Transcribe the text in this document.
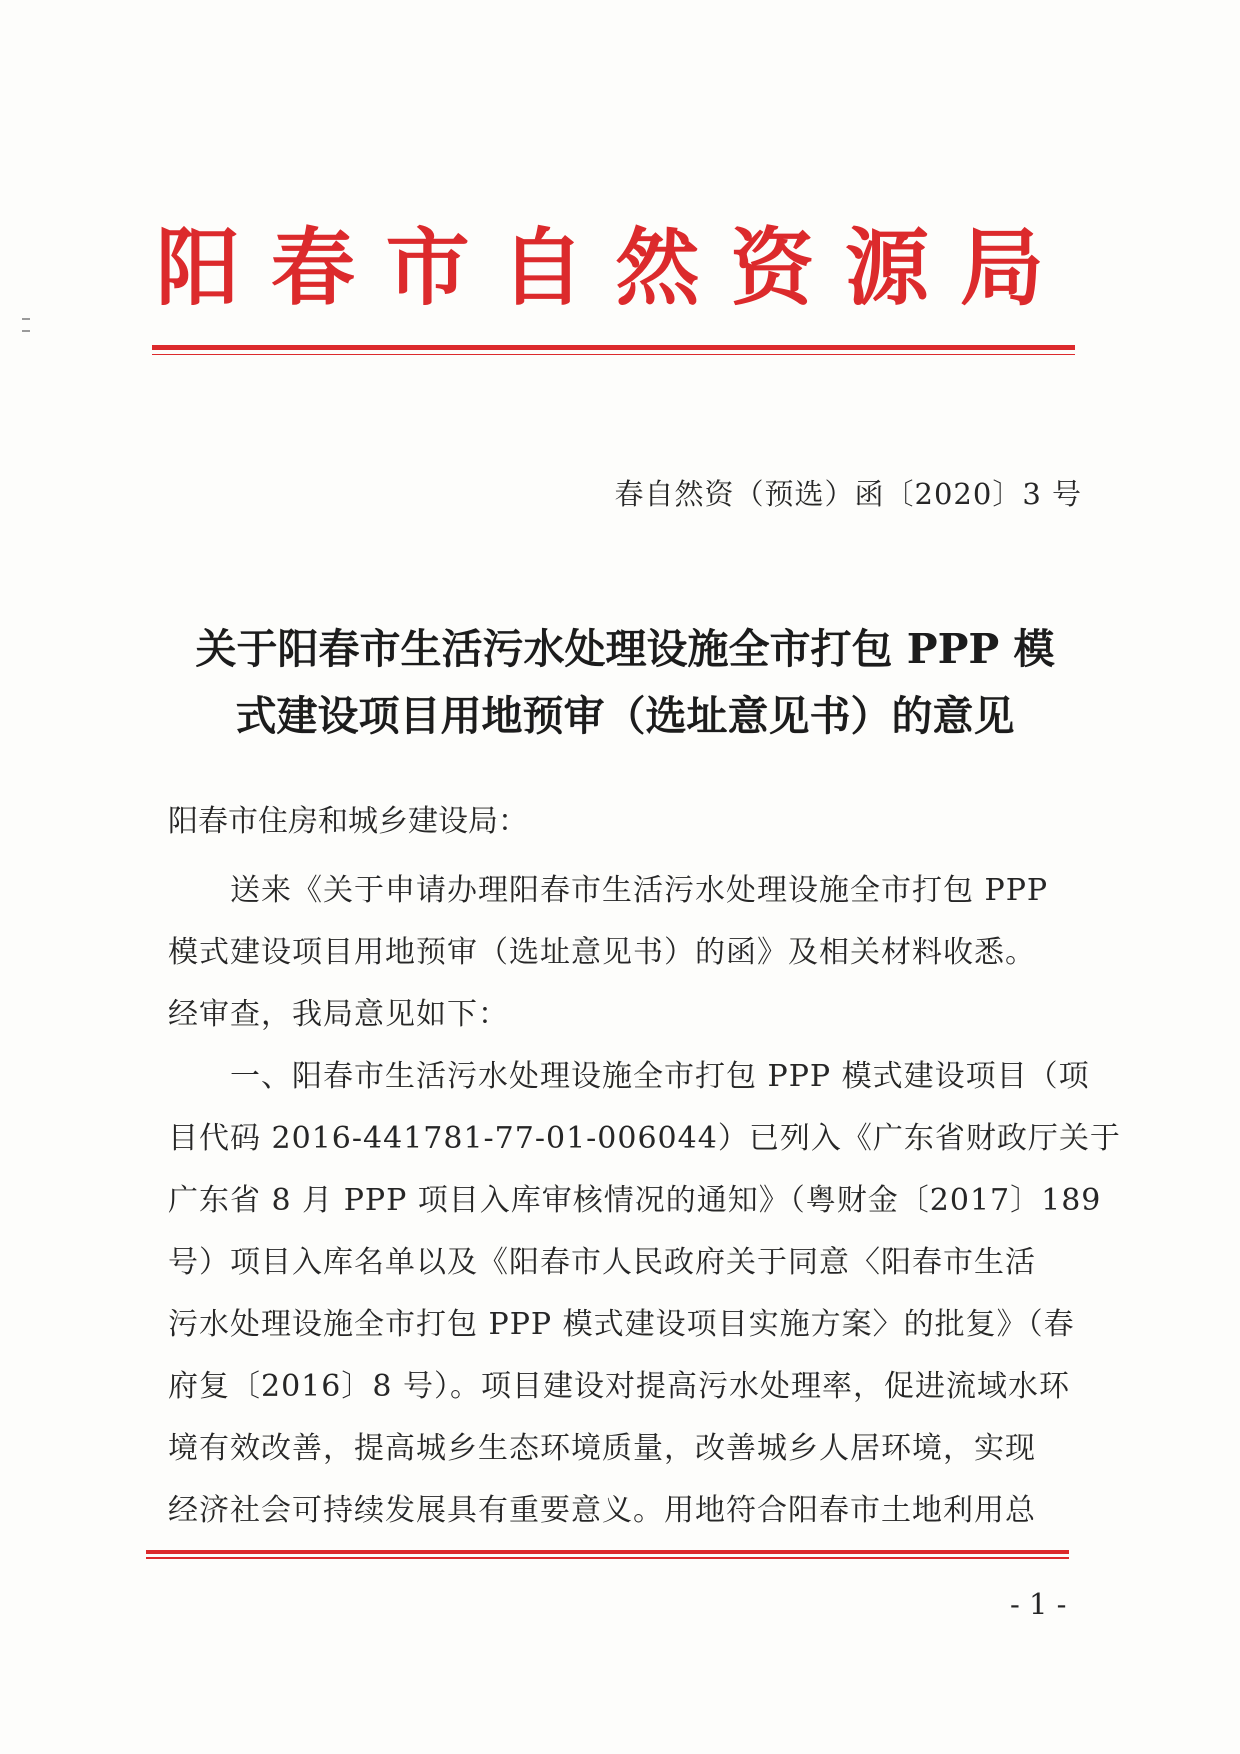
阳 春 市 自 然 资 源 局
春自然资（预选）函〔2020〕3 号
关于阳春市生活污水处理设施全市打包 PPP 模
式建设项目用地预审（选址意见书）的意见
阳春市住房和城乡建设局：
送来《关于申请办理阳春市生活污水处理设施全市打包 PPP
模式建设项目用地预审（选址意见书）的函》及相关材料收悉。
经审查，我局意见如下：
一、阳春市生活污水处理设施全市打包 PPP 模式建设项目（项
目代码 2016-441781-77-01-006044）已列入《广东省财政厅关于
广东省 8 月 PPP 项目入库审核情况的通知》（粤财金〔2017〕189
号）项目入库名单以及《阳春市人民政府关于同意〈阳春市生活
污水处理设施全市打包 PPP 模式建设项目实施方案〉的批复》（春
府复〔2016〕8 号）。项目建设对提高污水处理率，促进流域水环
境有效改善，提高城乡生态环境质量，改善城乡人居环境，实现
经济社会可持续发展具有重要意义。用地符合阳春市土地利用总
- 1 -
